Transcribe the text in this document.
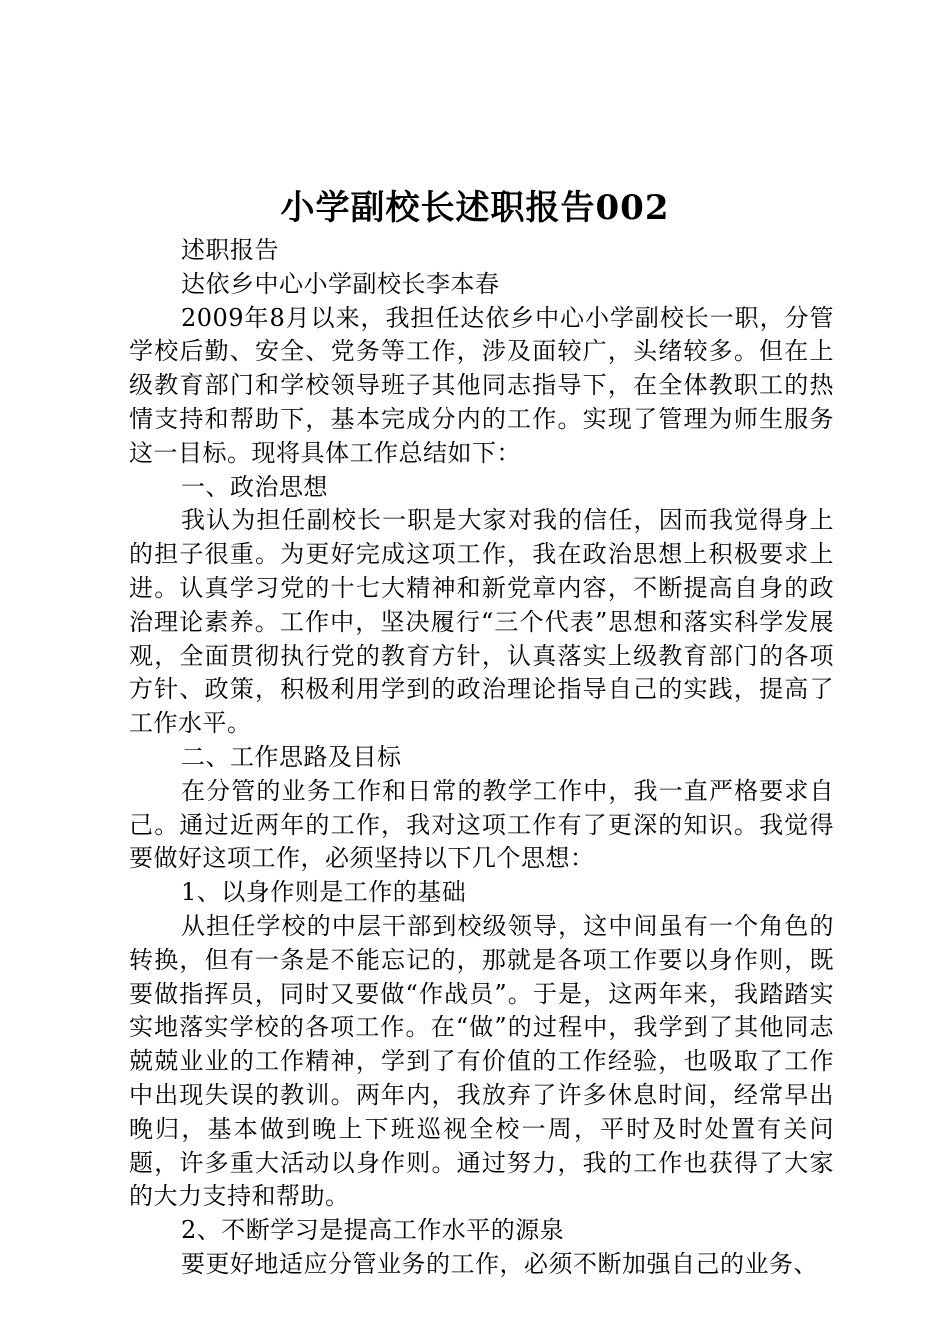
小学副校长述职报告002

述职报告

达依乡中心小学副校长李本春

2009年8月以来，我担任达依乡中心小学副校长一职，分管学校后勤、安全、党务等工作，涉及面较广，头绪较多。但在上级教育部门和学校领导班子其他同志指导下，在全体教职工的热情支持和帮助下，基本完成分内的工作。实现了管理为师生服务这一目标。现将具体工作总结如下：

一、政治思想

我认为担任副校长一职是大家对我的信任，因而我觉得身上的担子很重。为更好完成这项工作，我在政治思想上积极要求上进。认真学习党的十七大精神和新党章内容，不断提高自身的政治理论素养。工作中，坚决履行“三个代表”思想和落实科学发展观，全面贯彻执行党的教育方针，认真落实上级教育部门的各项方针、政策，积极利用学到的政治理论指导自己的实践，提高了工作水平。

二、工作思路及目标

在分管的业务工作和日常的教学工作中，我一直严格要求自己。通过近两年的工作，我对这项工作有了更深的知识。我觉得要做好这项工作，必须坚持以下几个思想：

1、以身作则是工作的基础

从担任学校的中层干部到校级领导，这中间虽有一个角色的转换，但有一条是不能忘记的，那就是各项工作要以身作则，既要做指挥员，同时又要做“作战员”。于是，这两年来，我踏踏实实地落实学校的各项工作。在“做”的过程中，我学到了其他同志兢兢业业的工作精神，学到了有价值的工作经验，也吸取了工作中出现失误的教训。两年内，我放弃了许多休息时间，经常早出晚归，基本做到晚上下班巡视全校一周，平时及时处置有关问题，许多重大活动以身作则。通过努力，我的工作也获得了大家的大力支持和帮助。

2、不断学习是提高工作水平的源泉

要更好地适应分管业务的工作，必须不断加强自己的业务、
